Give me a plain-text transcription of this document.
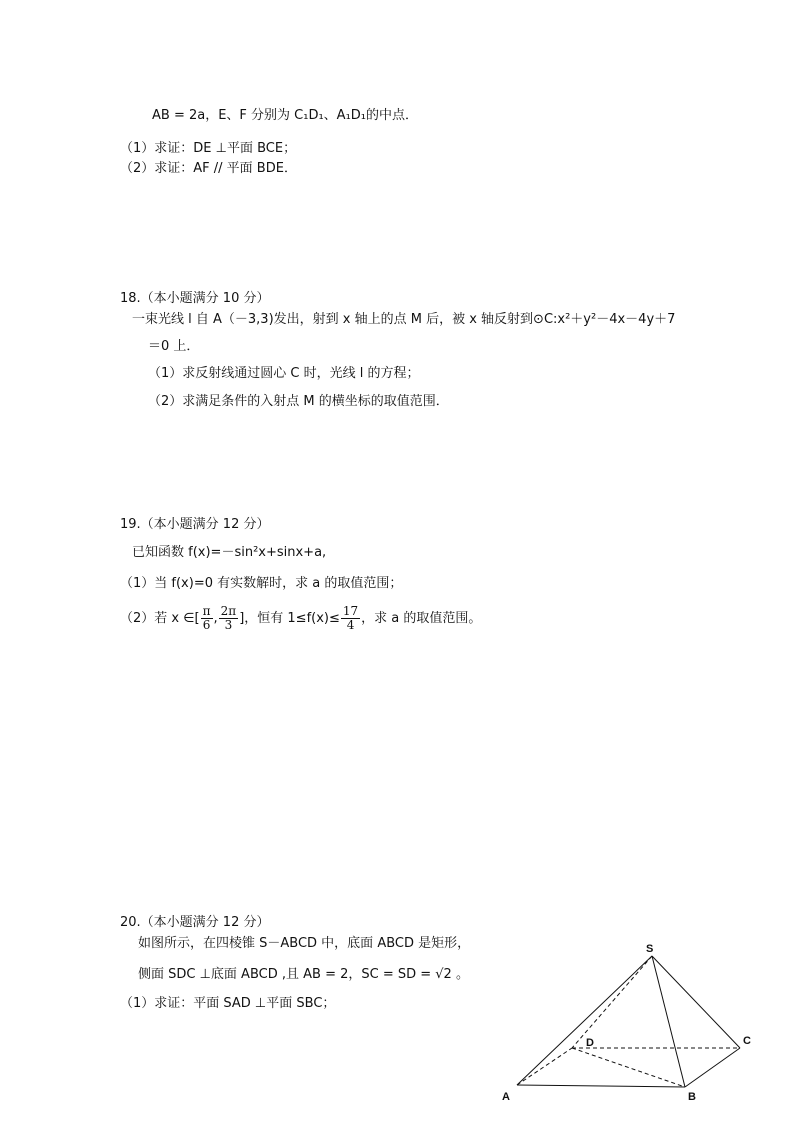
AB = 2a，E、F 分别为 C₁D₁、A₁D₁的中点．
（1）求证：DE ⊥平面 BCE；
（2）求证：AF // 平面 BDE．
18.（本小题满分 10 分）
一束光线 l 自 A（－3,3)发出，射到 x 轴上的点 M 后，被 x 轴反射到⊙C:x²＋y²－4x－4y＋7
＝0 上．
（1）求反射线通过圆心 C 时，光线 l 的方程；
（2）求满足条件的入射点 M 的横坐标的取值范围．
19.（本小题满分 12 分）
已知函数 f(x)=－sin²x+sinx+a,
（1）当 f(x)=0 有实数解时，求 a 的取值范围；
（2）若 x ∈[ $\frac{\pi}{6}$ , $\frac{2\pi}{3}$ ]，恒有 $1\le f(x)\le \frac{17}{4}$ ，求 a 的取值范围。
20.（本小题满分 12 分）
如图所示，在四棱锥 S－ABCD 中，底面 ABCD 是矩形，
侧面 SDC ⊥底面 ABCD ,且 AB = 2，SC = SD = √2 。
（1）求证：平面 SAD ⊥平面 SBC；
S
A	B
C
D
